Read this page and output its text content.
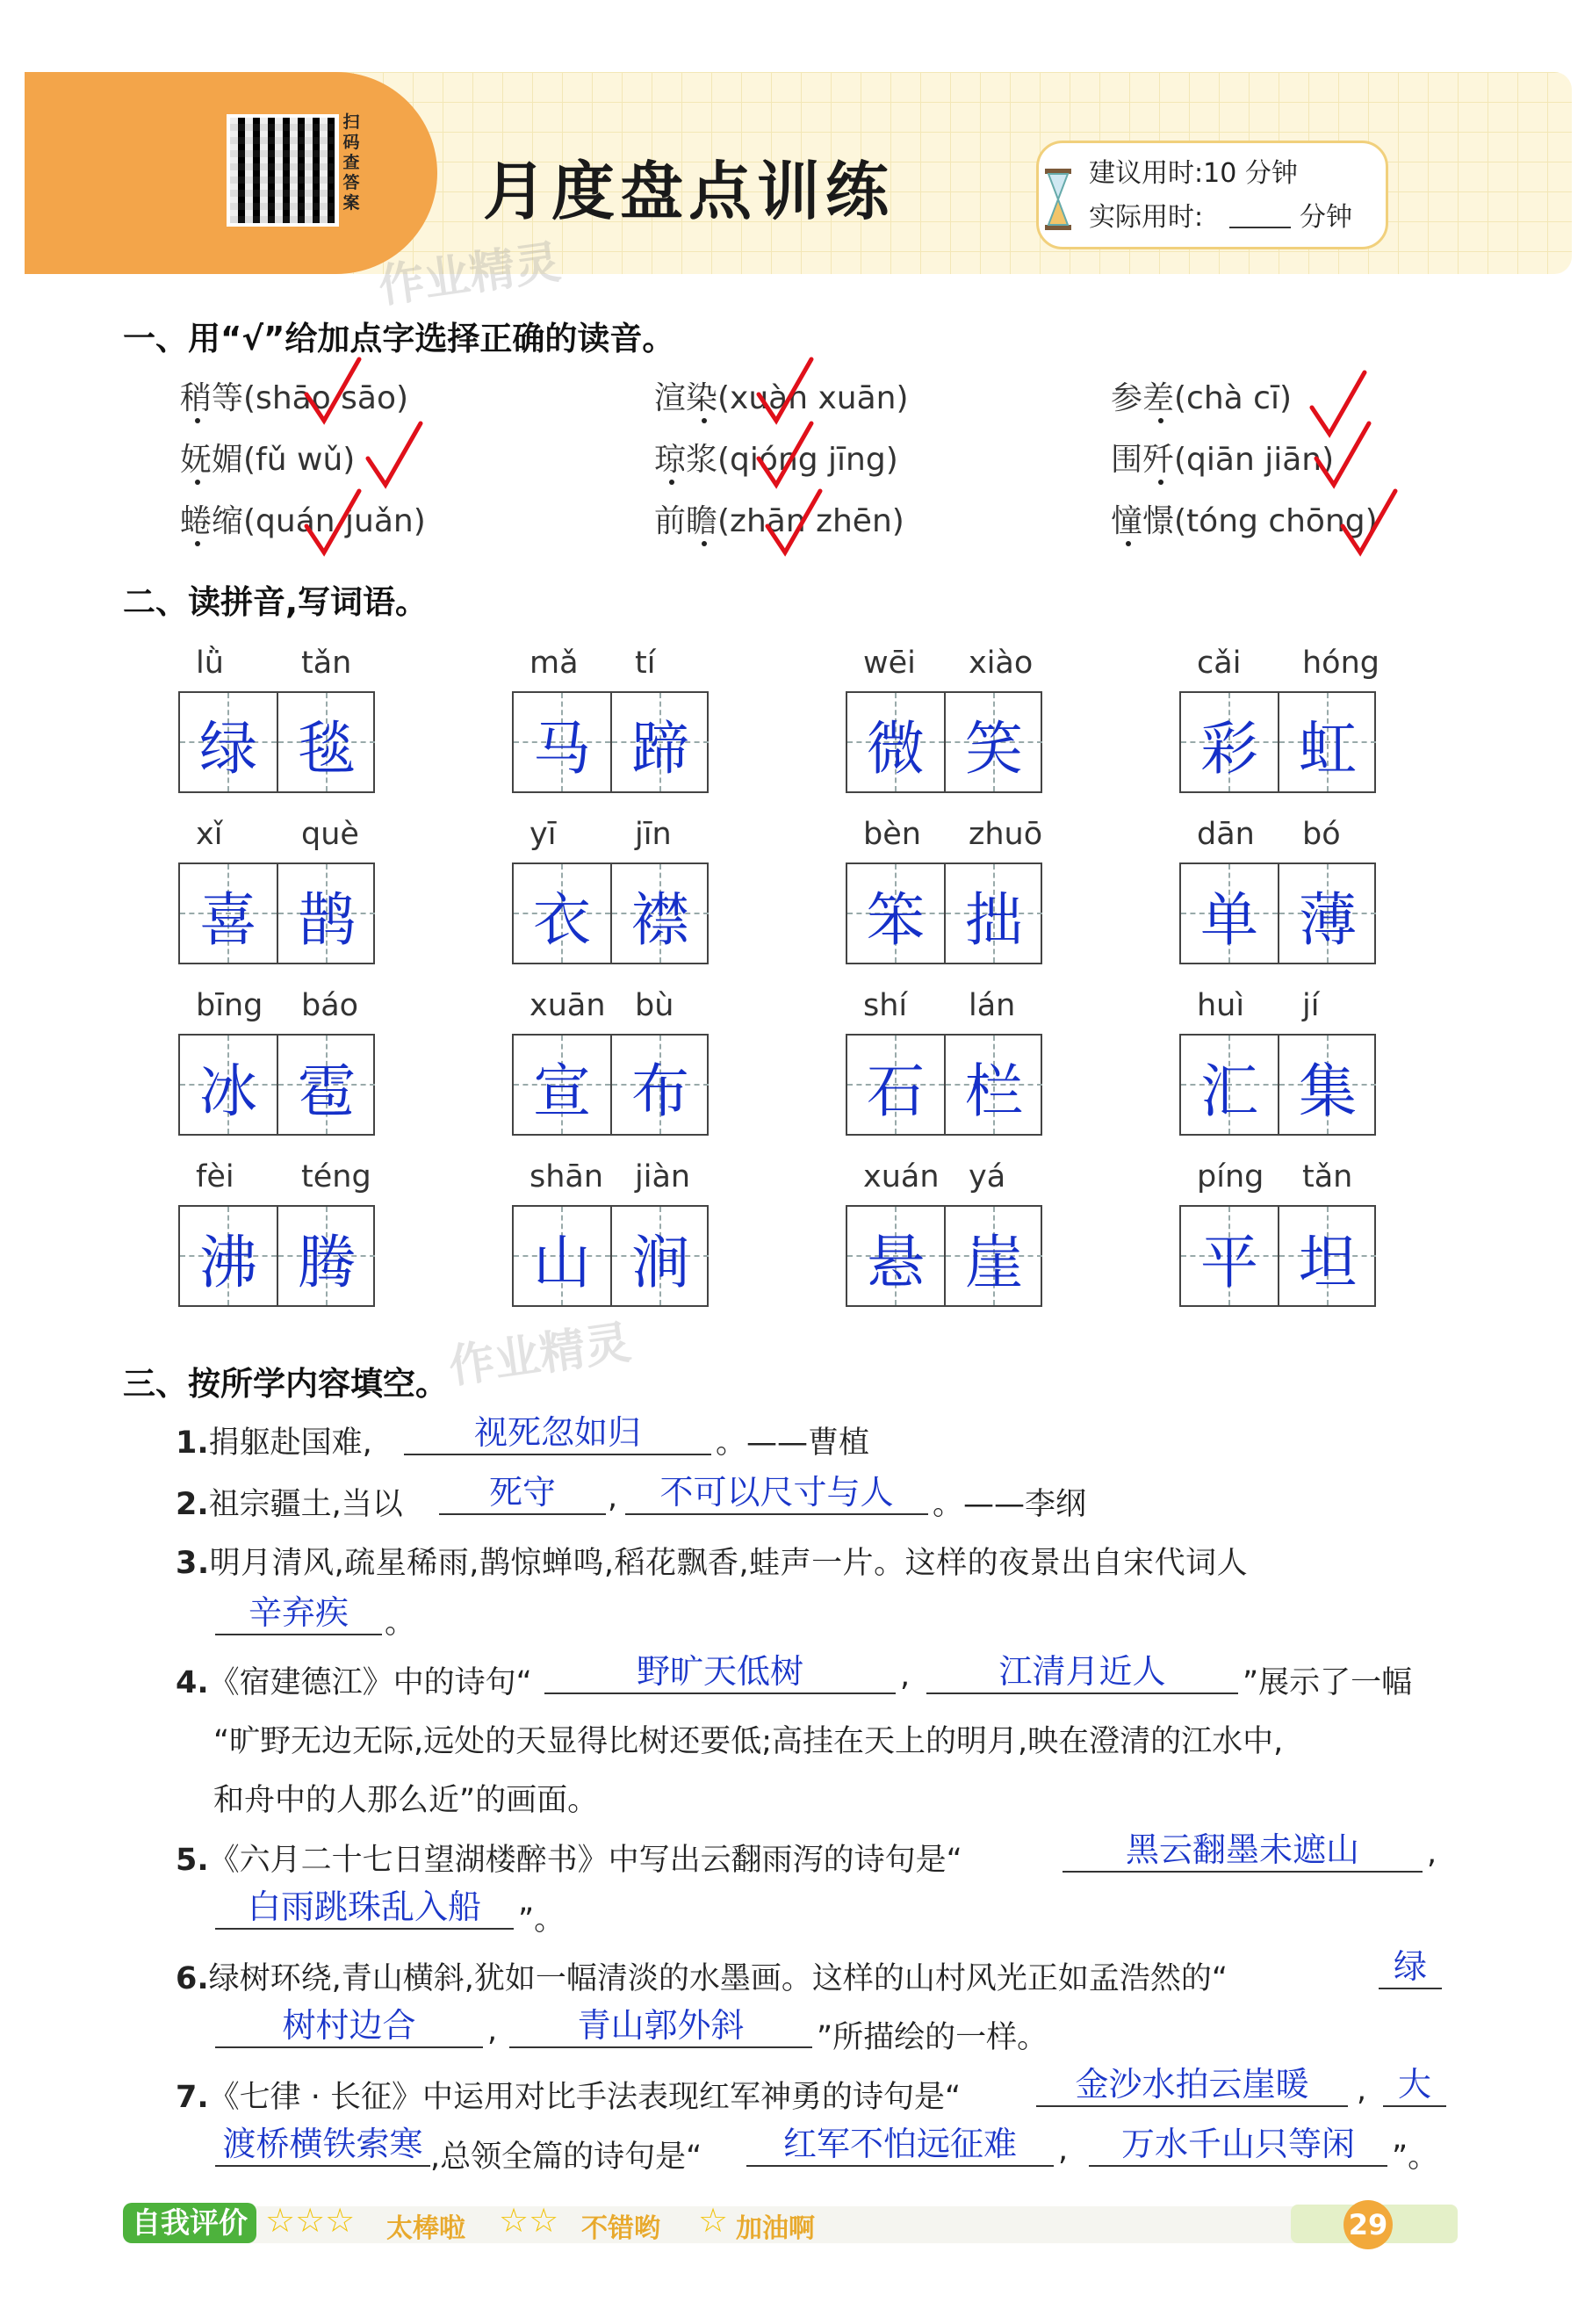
扫码查答案 月度盘点训练	建议用时:10 分钟
实际用时:	分钟
作业精灵
作业精灵
一、用“√”给加点字选择正确的读音。
稍等(shāo sāo)	渲染(xuàn xuān)	参差(chà cī)
妩媚(fǔ wǔ)	琼浆(qióng jīng)	围歼(qiān jiān)
蜷缩(quán juǎn)	前瞻(zhān zhēn)	憧憬(tóng chōng)
二、读拼音,写词语。
lǜ	tǎn
绿 毯
mǎ tí
马 蹄
wēi xiào
微 笑
cǎi hóng
彩 虹
xǐ	què
喜 鹊
yī	jīn
衣 襟
bèn zhuō
笨 拙
dān bó
单 薄
bīng báo
冰 雹
xuān bù
宣 布
shí lán
石 栏
huì jí
汇 集
fèi téng
沸 腾
shān jiàn
山 涧
xuán yá
悬 崖
píng tǎn
平 坦
三、按所学内容填空。
1.捐躯赴国难,	视死忽如归	。——曹植
2.祖宗疆土,当以	死守	,	不可以尺寸与人	。——李纲
3.明月清风,疏星稀雨,鹊惊蝉鸣,稻花飘香,蛙声一片。这样的夜景出自宋代词人
辛弃疾	。
4.《宿建德江》中的诗句“	野旷天低树	,	江清月近人	”展示了一幅
“旷野无边无际,远处的天显得比树还要低;高挂在天上的明月,映在澄清的江水中,
和舟中的人那么近”的画面。
5.《六月二十七日望湖楼醉书》中写出云翻雨泻的诗句是“	黑云翻墨未遮山	,
白雨跳珠乱入船	”。
6.绿树环绕,青山横斜,犹如一幅清淡的水墨画。这样的山村风光正如孟浩然的“	绿
树村边合	,	青山郭外斜	”所描绘的一样。
7.《七律 · 长征》中运用对比手法表现红军神勇的诗句是“	金沙水拍云崖暖	, 大
渡桥横铁索寒 ,总领全篇的诗句是“	红军不怕远征难	,	万水千山只等闲	”。
自我评价 ☆☆☆ 太棒啦 ☆☆ 不错哟 ☆ 加油啊	29
